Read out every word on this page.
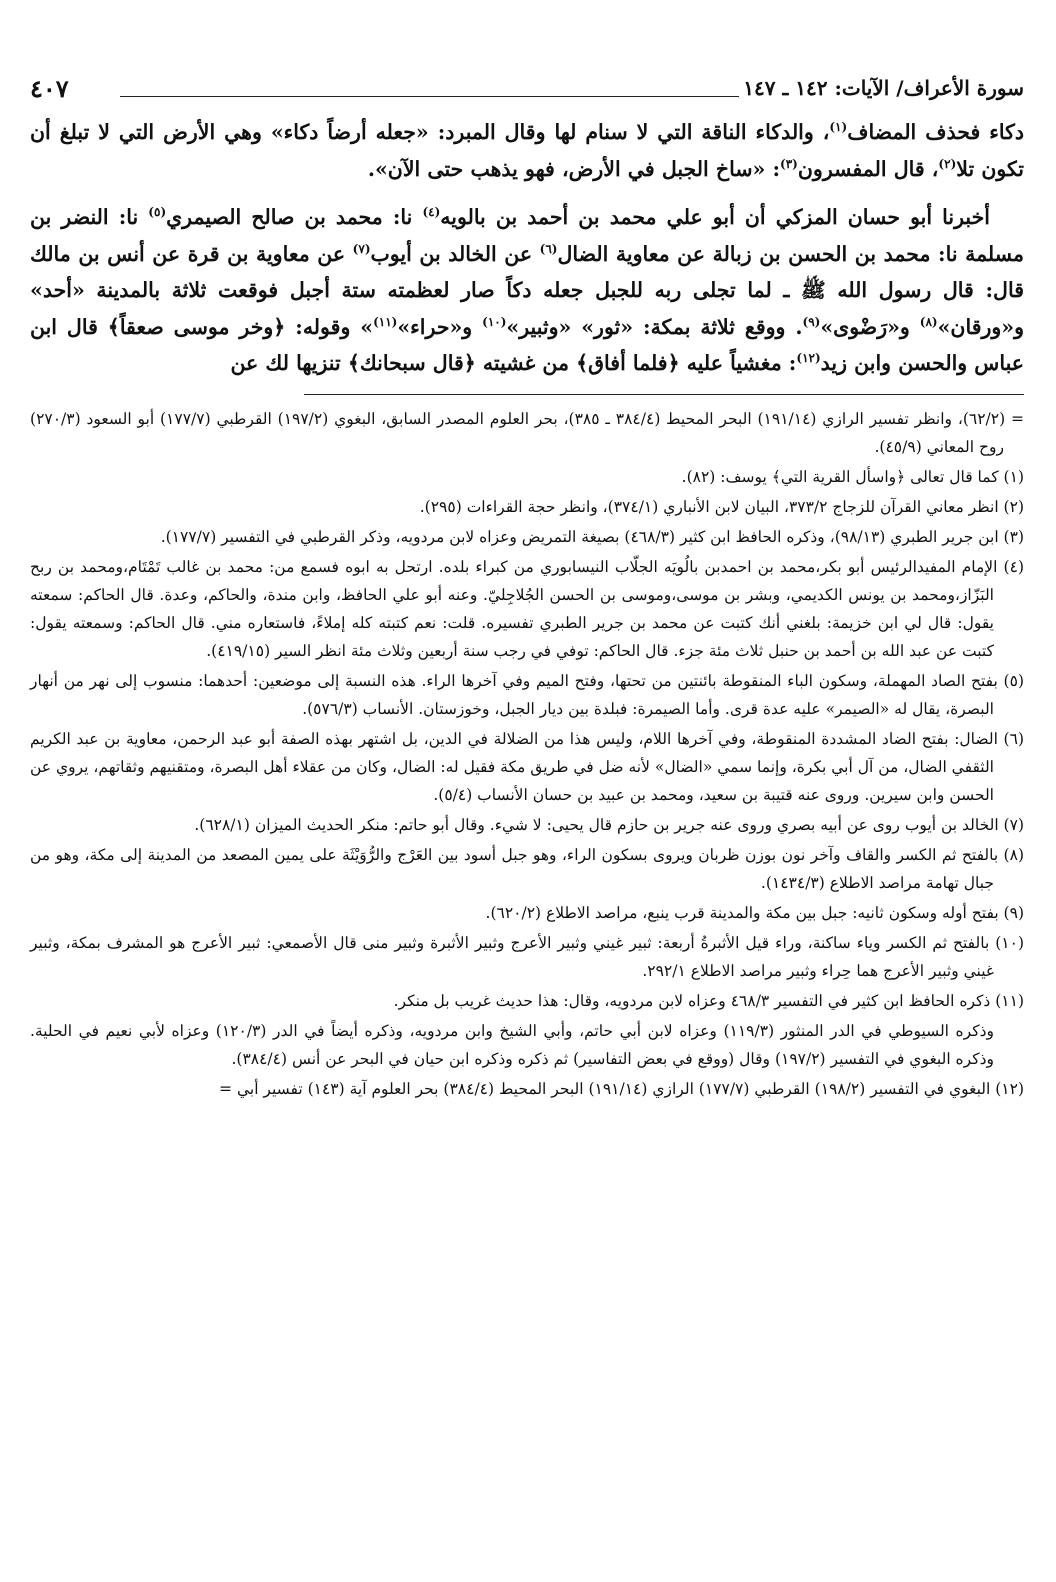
سورة الأعراف/ الآيات: ١٤٢ ـ ١٤٧
٤٠٧

دكاء فحذف المضاف$^{(١)}$، والدكاء الناقة التي لا سنام لها وقال المبرد: «جعله أرضاً دكاء» وهي الأرض التي لا تبلغ أن تكون تلا$^{(٢)}$، قال المفسرون$^{(٣)}$: «ساخ الجبل في الأرض، فهو يذهب حتى الآن».

أخبرنا أبو حسان المزكي أن أبو علي محمد بن أحمد بن بالويه$^{(٤)}$ نا: محمد بن صالح الصيمري$^{(٥)}$ نا: النضر بن مسلمة نا: محمد بن الحسن بن زبالة عن معاوية الضال$^{(٦)}$ عن الخالد بن أيوب$^{(٧)}$ عن معاوية بن قرة عن أنس بن مالك قال: قال رسول الله ﷺ ـ لما تجلى ربه للجبل جعله دكاً صار لعظمته ستة أجبل فوقعت ثلاثة بالمدينة «أحد» و«ورقان»$^{(٨)}$ و«رَضْوى»$^{(٩)}$. ووقع ثلاثة بمكة: «ثور» «وثبير»$^{(١٠)}$ و«حراء»$^{(١١)}$» وقوله: ﴿وخر موسى صعقاً﴾ قال ابن عباس والحسن وابن زيد$^{(١٢)}$: مغشياً عليه ﴿فلما أفاق﴾ من غشيته ﴿قال سبحانك﴾ تنزيها لك عن

= (٦٢/٢)، وانظر تفسير الرازي (١٩١/١٤) البحر المحيط (٣٨٤/٤ ـ ٣٨٥)، بحر العلوم المصدر السابق، البغوي (١٩٧/٢) القرطبي (١٧٧/٧) أبو السعود (٢٧٠/٣) روح المعاني (٤٥/٩).

(١) كما قال تعالى ﴿واسأل القرية التي﴾ يوسف: (٨٢).

(٢) انظر معاني القرآن للزجاج ٣٧٣/٢، البيان لابن الأنباري (٣٧٤/١)، وانظر حجة القراءات (٢٩٥).

(٣) ابن جرير الطبري (٩٨/١٣)، وذكره الحافظ ابن كثير (٤٦٨/٣) بصيغة التمريض وعزاه لابن مردويه، وذكر القرطبي في التفسير (١٧٧/٧).

(٤) الإمام المفيدالرئيس أبو بكر،محمد بن احمدبن بالُويَه الجلّاب النيسابوري من كبراء بلده. ارتحل به ابوه فسمع من: محمد بن غالب تَمْتَام،ومحمد بن ربح البَزّاز،ومحمد بن يونس الكديمي، وبشر بن موسى،وموسى بن الحسن الجُلاجِليّ. وعنه أبو علي الحافظ، وابن مندة، والحاكم، وعدة. قال الحاكم: سمعته يقول: قال لي ابن خزيمة: بلغني أنك كتبت عن محمد بن جرير الطبري تفسيره. قلت: نعم كتبته كله إملاءً، فاستعاره مني. قال الحاكم: وسمعته يقول: كتبت عن عبد الله بن أحمد بن حنبل ثلاث مئة جزء. قال الحاكم: توفي في رجب سنة أربعين وثلاث مئة انظر السير (٤١٩/١٥).

(٥) بفتح الصاد المهملة، وسكون الباء المنقوطة بائنتين من تحتها، وفتح الميم وفي آخرها الراء. هذه النسبة إلى موضعين: أحدهما: منسوب إلى نهر من أنهار البصرة، يقال له «الصيمر» عليه عدة قرى. وأما الصيمرة: فبلدة بين ديار الجبل، وخوزستان. الأنساب (٥٧٦/٣).

(٦) الضال: بفتح الضاد المشددة المنقوطة، وفي آخرها اللام، وليس هذا من الضلالة في الدين، بل اشتهر بهذه الصفة أبو عبد الرحمن، معاوية بن عبد الكريم الثقفي الضال، من آل أبي بكرة، وإنما سمي «الضال» لأنه ضل في طريق مكة فقيل له: الضال، وكان من عقلاء أهل البصرة، ومتقنيهم وثقاتهم، يروي عن الحسن وابن سيرين. وروى عنه قتيبة بن سعيد، ومحمد بن عبيد بن حسان الأنساب (٥/٤).

(٧) الخالد بن أيوب روى عن أبيه بصري وروى عنه جرير بن حازم قال يحيى: لا شيء. وقال أبو حاتم: منكر الحديث الميزان (٦٢٨/١).

(٨) بالفتح ثم الكسر والقاف وآخر نون بوزن ظربان ويروى بسكون الراء، وهو جبل أسود بين العَرْج والرُّوَيْثَة على يمين المصعد من المدينة إلى مكة، وهو من جبال تهامة مراصد الاطلاع (١٤٣٤/٣).

(٩) بفتح أوله وسكون ثانيه: جبل بين مكة والمدينة قرب ينبع، مراصد الاطلاع (٦٢٠/٢).

(١٠) بالفتح ثم الكسر وياء ساكنة، وراء قيل الأثبرةُ أربعة: ثبير غيني وثبير الأعرج وثبير الأثبرة وثبير منى قال الأصمعي: ثبير الأعرج هو المشرف بمكة، وثبير غيني وثبير الأعرج هما حِراء وثبير مراصد الاطلاع ٢٩٢/١.

(١١) ذكره الحافظ ابن كثير في التفسير ٤٦٨/٣ وعزاه لابن مردويه، وقال: هذا حديث غريب بل منكر.

وذكره السيوطي في الدر المنثور (١١٩/٣) وعزاه لابن أبي حاتم، وأبي الشيخ وابن مردويه، وذكره أيضاً في الدر (١٢٠/٣) وعزاه لأبي نعيم في الحلية. وذكره البغوي في التفسير (١٩٧/٢) وقال (ووقع في بعض التفاسير) ثم ذكره وذكره ابن حيان في البحر عن أنس (٣٨٤/٤).

(١٢) البغوي في التفسير (١٩٨/٢) القرطبي (١٧٧/٧) الرازي (١٩١/١٤) البحر المحيط (٣٨٤/٤) بحر العلوم آية (١٤٣) تفسير أبي =
